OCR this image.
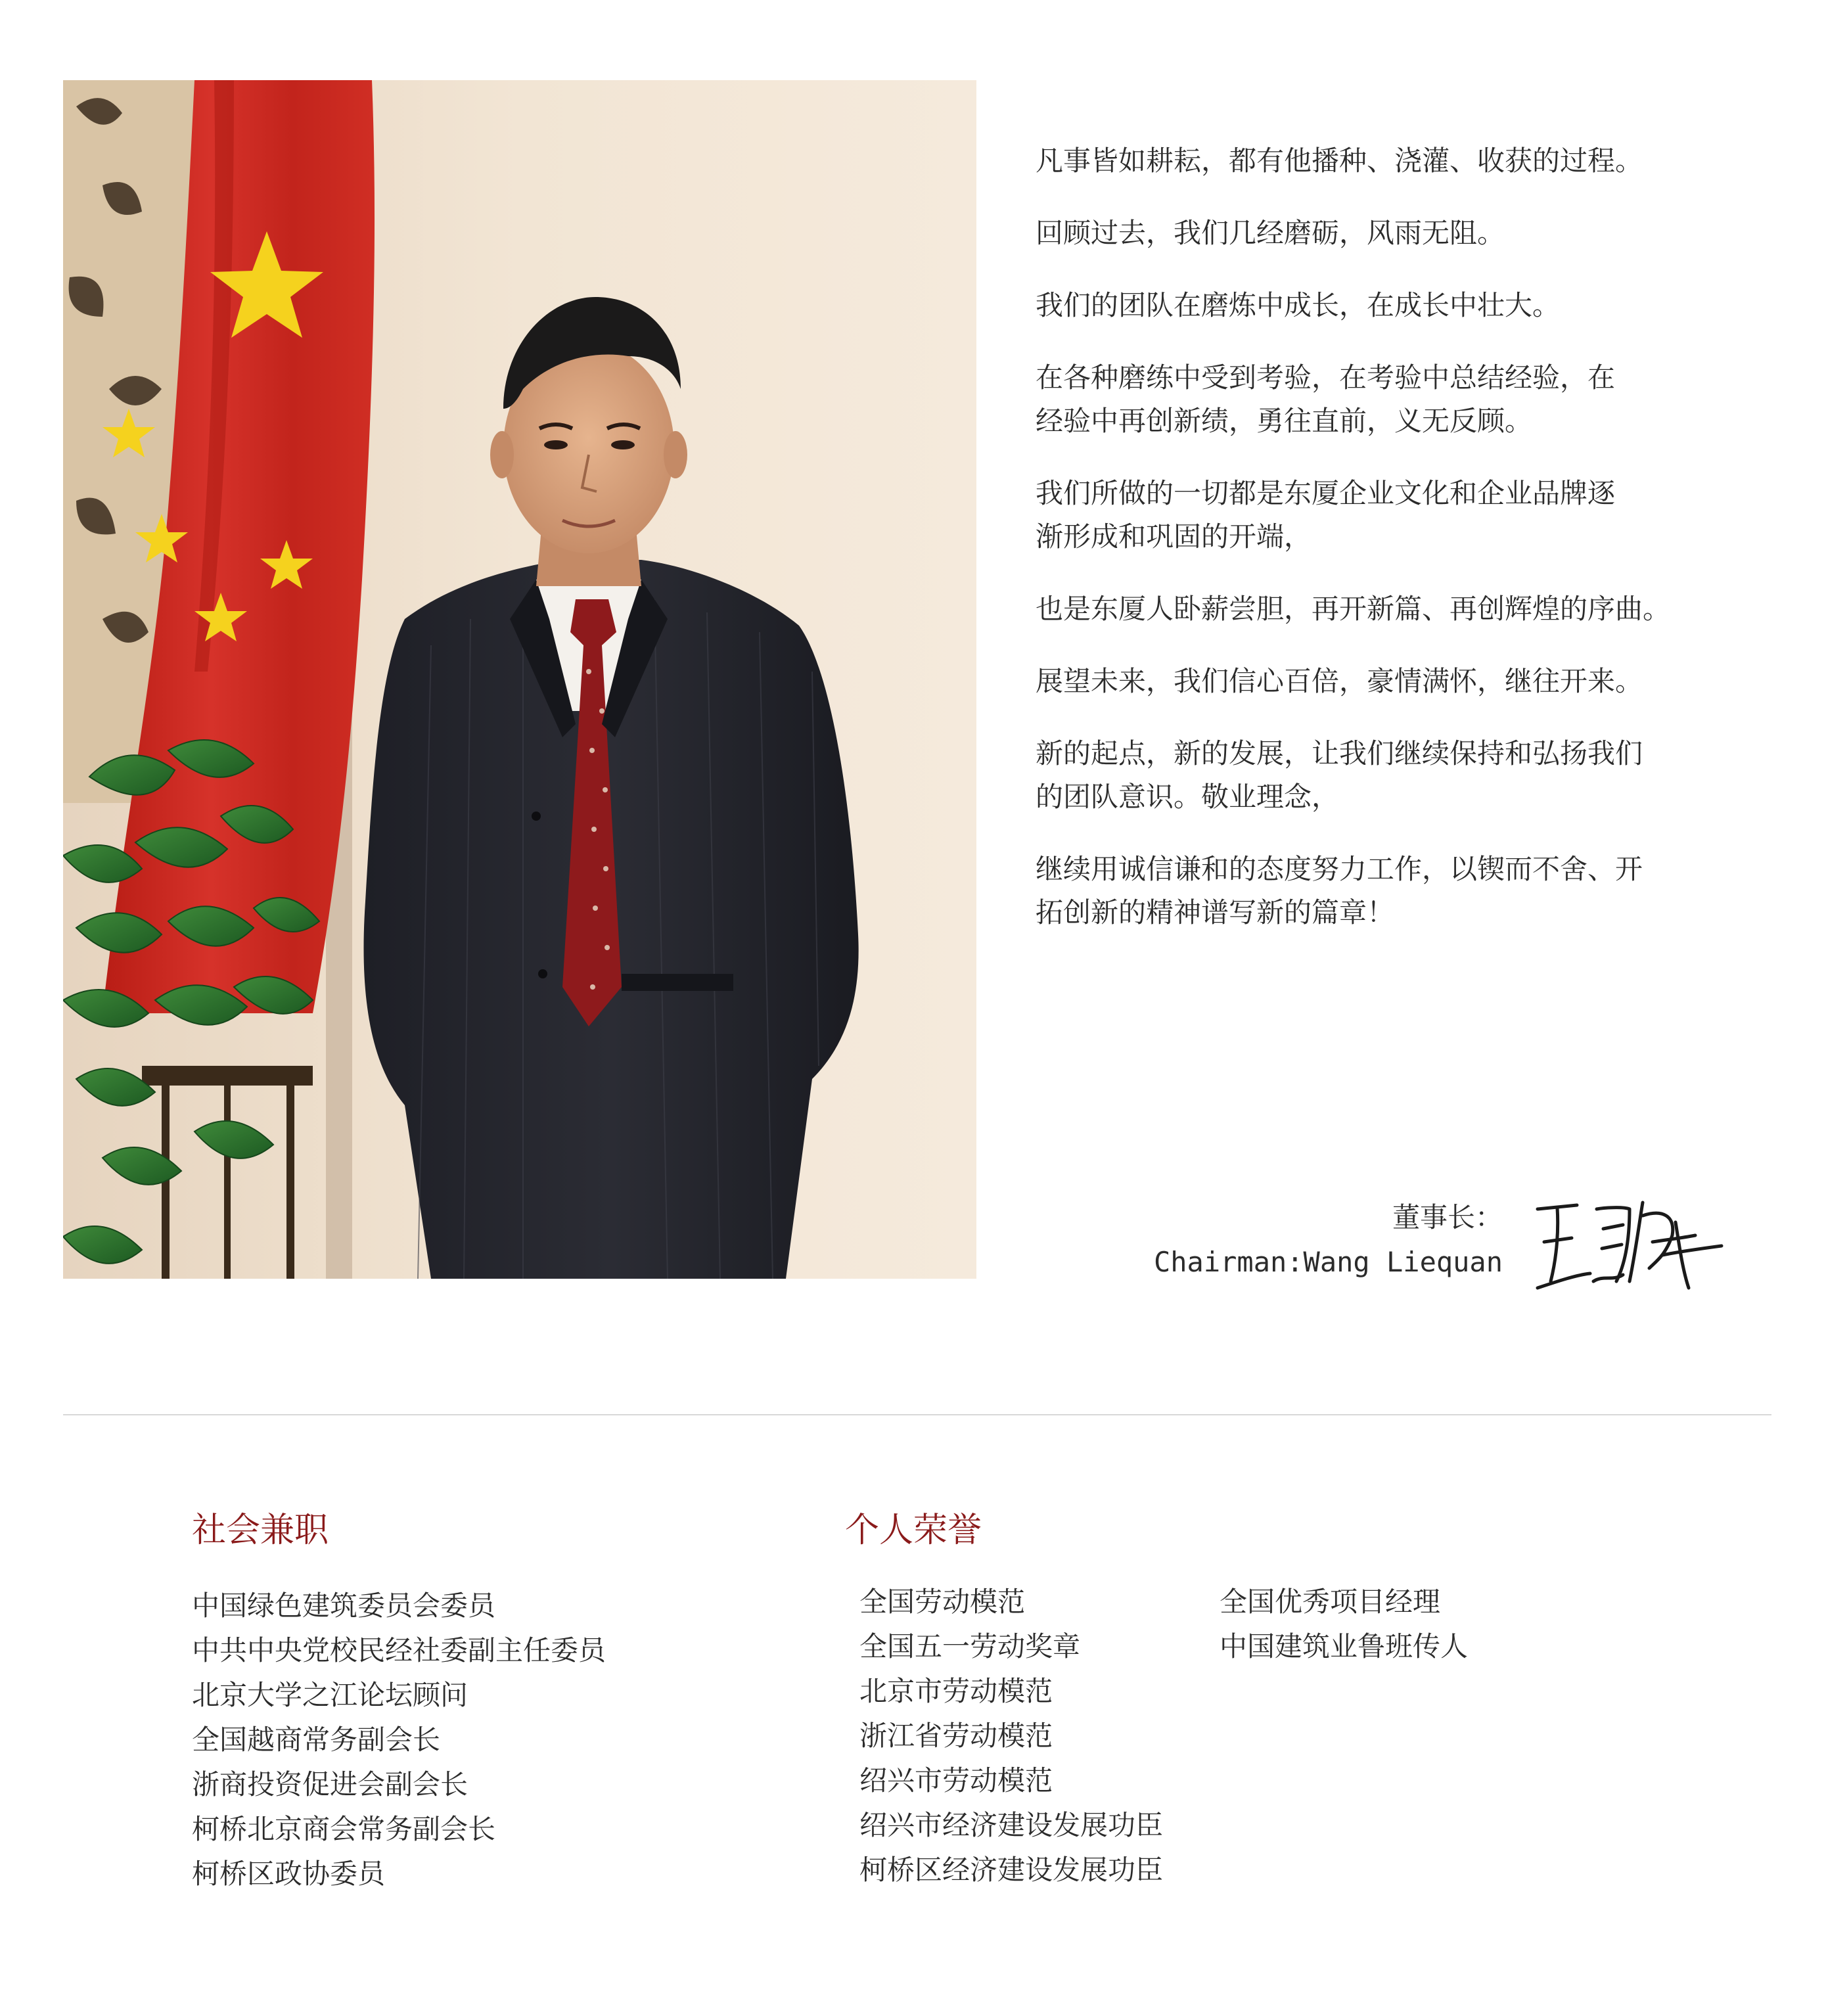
凡事皆如耕耘，都有他播种、浇灌、收获的过程。

回顾过去，我们几经磨砺，风雨无阻。

我们的团队在磨炼中成长，在成长中壮大。

在各种磨练中受到考验，在考验中总结经验，在
经验中再创新绩，勇往直前，义无反顾。

我们所做的一切都是东厦企业文化和企业品牌逐
渐形成和巩固的开端，

也是东厦人卧薪尝胆，再开新篇、再创辉煌的序曲。

展望未来，我们信心百倍，豪情满怀，继往开来。

新的起点，新的发展，让我们继续保持和弘扬我们
的团队意识。敬业理念，

继续用诚信谦和的态度努力工作，以锲而不舍、开
拓创新的精神谱写新的篇章！

董事长：
Chairman:Wang Liequan
社会兼职
中国绿色建筑委员会委员
中共中央党校民经社委副主任委员
北京大学之江论坛顾问
全国越商常务副会长
浙商投资促进会副会长
柯桥北京商会常务副会长
柯桥区政协委员
个人荣誉
全国劳动模范
全国五一劳动奖章
北京市劳动模范
浙江省劳动模范
绍兴市劳动模范
绍兴市经济建设发展功臣
柯桥区经济建设发展功臣
全国优秀项目经理
中国建筑业鲁班传人
